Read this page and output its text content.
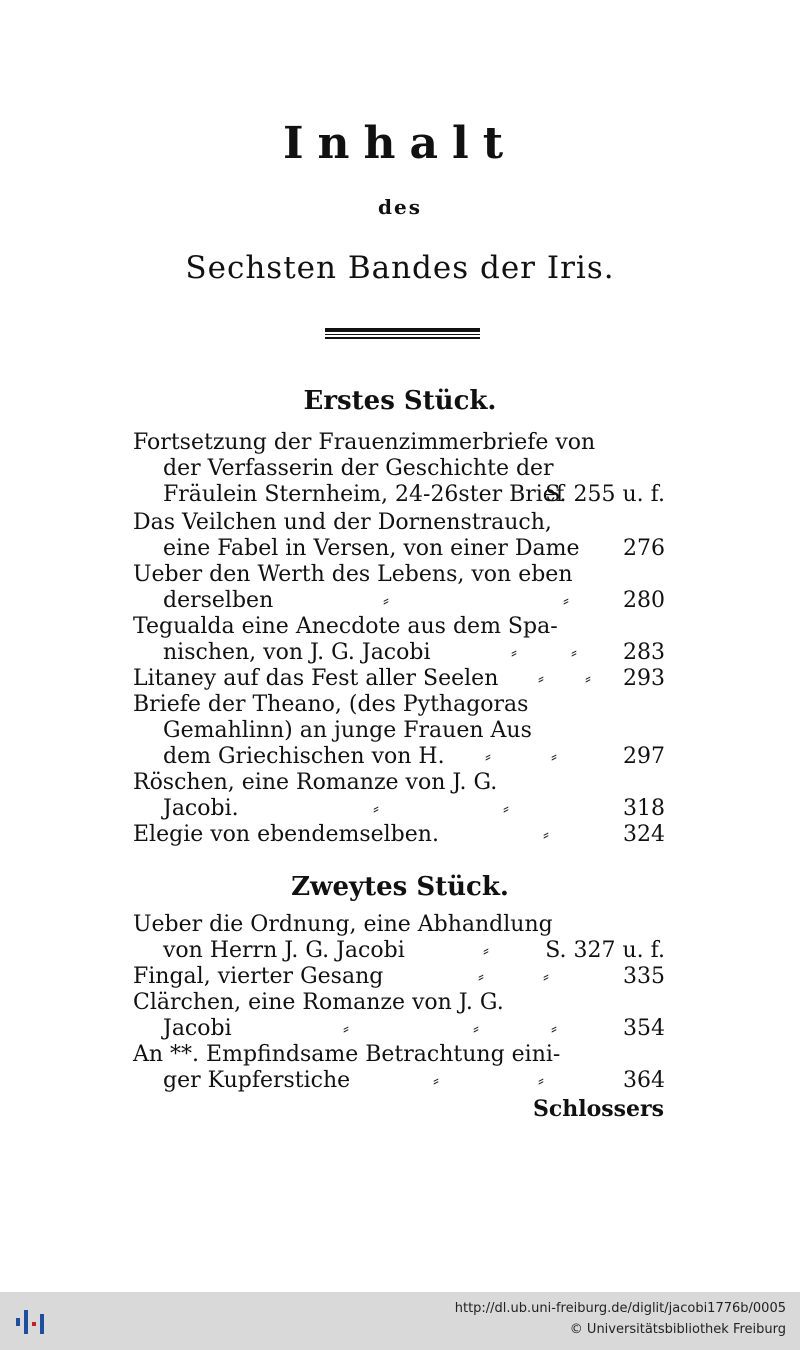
Inhalt
des
Sechsten Bandes der Iris.
Erstes Stück.
Fortsetzung der Frauenzimmerbriefe von
der Verfasserin der Geschichte der
Fräulein Sternheim, 24-26ster Brief
S. 255 u. f.
Das Veilchen und der Dornenstrauch,
eine Fabel in Versen, von einer Dame 276
Ueber den Werth des Lebens, von eben
derselben	⸗	⸗ 280
Tegualda eine Anecdote aus dem Spa-
nischen, von J. G. Jacobi	⸗	⸗ 283
Litaney auf das Fest aller Seelen ⸗ ⸗ 293
Briefe der Theano, (des Pythagoras
Gemahlinn) an junge Frauen Aus
dem Griechischen von H. ⸗	⸗	297
Röschen, eine Romanze von J. G.
Jacobi.	⸗	⸗	318
Elegie von ebendemselben.	⸗	324
Zweytes Stück.
Ueber die Ordnung, eine Abhandlung
von Herrn J. G. Jacobi	⸗	S. 327 u. f.
Fingal, vierter Gesang	⸗	⸗	335
Clärchen, eine Romanze von J. G.
Jacobi	⸗	⸗	⸗	354
An **. Empfindsame Betrachtung eini-
ger Kupferstiche	⸗	⸗	364
Schlossers
http://dl.ub.uni-freiburg.de/diglit/jacobi1776b/0005
© Universitätsbibliothek Freiburg
